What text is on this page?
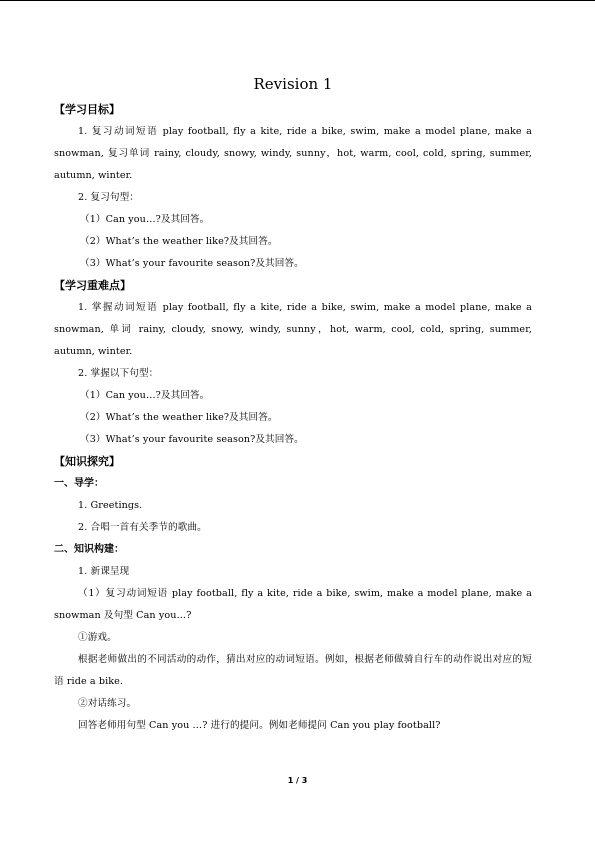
Revision 1
【学习目标】
1. 复习动词短语 play football, fly a kite, ride a bike, swim, make a model plane, make a snowman, 复习单词 rainy, cloudy, snowy, windy, sunny，hot, warm, cool, cold, spring, summer, autumn, winter.
2. 复习句型：
（1）Can you…?及其回答。
（2）What’s the weather like?及其回答。
（3）What’s your favourite season?及其回答。
【学习重难点】
1. 掌握动词短语 play football, fly a kite, ride a bike, swim, make a model plane, make a snowman, 单词 rainy, cloudy, snowy, windy, sunny，hot, warm, cool, cold, spring, summer, autumn, winter.
2. 掌握以下句型：
（1）Can you…?及其回答。
（2）What’s the weather like?及其回答。
（3）What’s your favourite season?及其回答。
【知识探究】
一、导学：
1. Greetings.
2. 合唱一首有关季节的歌曲。
二、知识构建：
1. 新课呈现
（1）复习动词短语 play football, fly a kite, ride a bike, swim, make a model plane, make a snowman 及句型 Can you…?
①游戏。
根据老师做出的不同活动的动作，猜出对应的动词短语。例如，根据老师做骑自行车的动作说出对应的短语 ride a bike.
②对话练习。
回答老师用句型 Can you …? 进行的提问。例如老师提问 Can you play football?
1 / 3
